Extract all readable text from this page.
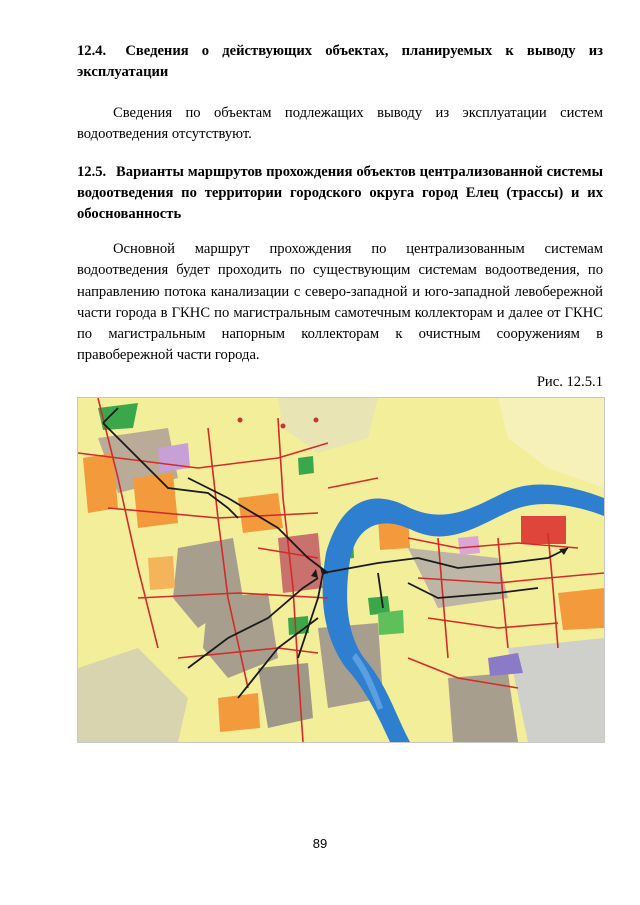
12.4. Сведения о действующих объектах, планируемых к выводу из эксплуатации

Сведения по объектам подлежащих выводу из эксплуатации систем водоотведения отсутствуют.

12.5. Варианты маршрутов прохождения объектов централизованной системы водоотведения по территории городского округа город Елец (трассы) и их обоснованность

Основной маршрут прохождения по централизованным системам водоотведения будет проходить по существующим системам водоотведения, по направлению потока канализации с северо-западной и юго-западной левобережной части города в ГКНС по магистральным самотечным коллекторам и далее от ГКНС по магистральным напорным коллекторам к очистным сооружениям в правобережной части города.

Рис. 12.5.1

89
